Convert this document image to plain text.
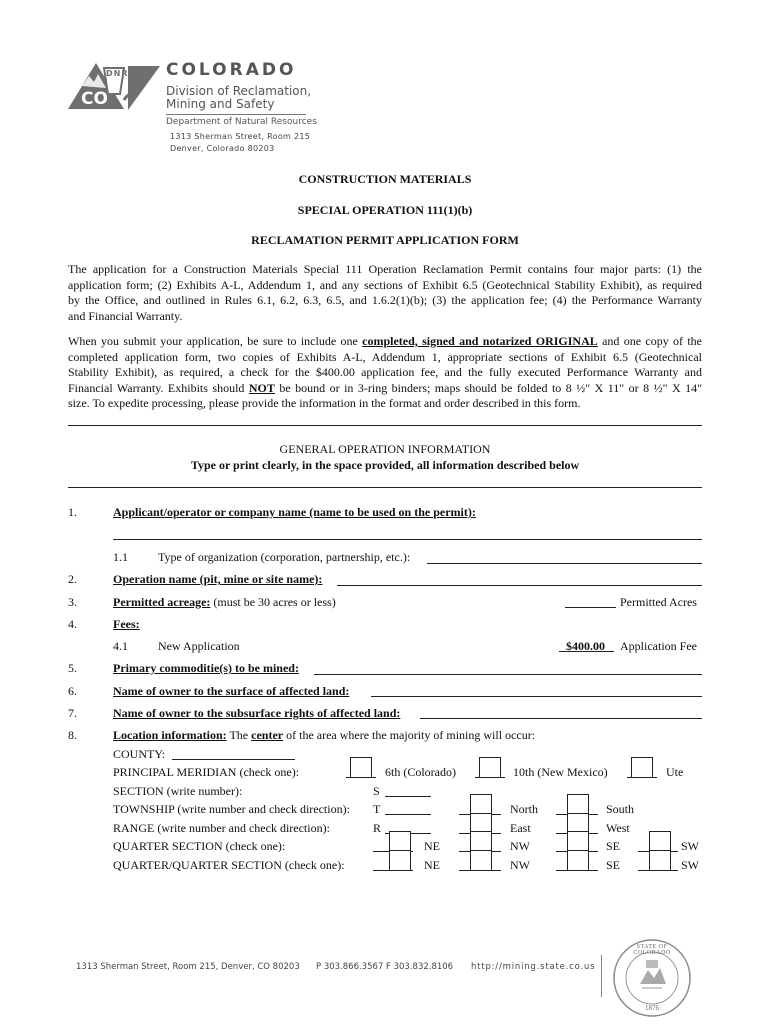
DNR
CO
COLORADO
Division of Reclamation,
Mining and Safety
Department of Natural Resources
1313 Sherman Street, Room 215
Denver, Colorado 80203
CONSTRUCTION MATERIALS
SPECIAL OPERATION 111(1)(b)
RECLAMATION PERMIT APPLICATION FORM
The application for a Construction Materials Special 111 Operation Reclamation Permit contains four major parts: (1) the
application form; (2) Exhibits A-L, Addendum 1, and any sections of Exhibit 6.5 (Geotechnical Stability Exhibit), as required
by the Office, and outlined in Rules 6.1, 6.2, 6.3, 6.5, and 1.6.2(1)(b); (3) the application fee; (4) the Performance Warranty
and Financial Warranty.
When you submit your application, be sure to include one completed, signed and notarized ORIGINAL and one copy of the
completed application form, two copies of Exhibits A-L, Addendum 1, appropriate sections of Exhibit 6.5 (Geotechnical
Stability Exhibit), as required, a check for the $400.00 application fee, and the fully executed Performance Warranty and
Financial Warranty. Exhibits should NOT be bound or in 3-ring binders; maps should be folded to 8 ½" X 11" or 8 ½" X 14"
size. To expedite processing, please provide the information in the format and order described in this form.
GENERAL OPERATION INFORMATION
Type or print clearly, in the space provided, all information described below
1.	Applicant/operator or company name (name to be used on the permit):
1.1	Type of organization (corporation, partnership, etc.):
2.	Operation name (pit, mine or site name):
3.	Permitted acreage: (must be 30 acres or less)	Permitted Acres
4.	Fees:
4.1	New Application	$400.00 Application Fee
5.	Primary commoditie(s) to be mined:
6.	Name of owner to the surface of affected land:
7.	Name of owner to the subsurface rights of affected land:
8.	Location information: The center of the area where the majority of mining will occur:
COUNTY:
PRINCIPAL MERIDIAN (check one):	6th (Colorado)	10th (New Mexico)	Ute
SECTION (write number):	S
TOWNSHIP (write number and check direction): T	North	South
RANGE (write number and check direction):	R	East	West
QUARTER SECTION (check one):	NE	NW	SE	SW
QUARTER/QUARTER SECTION (check one):	NE	NW	SE	SW
1313 Sherman Street, Room 215, Denver, CO 80203 P 303.866.3567 F 303.832.8106 http://mining.state.co.us
STATE OF COLORADO
1876
